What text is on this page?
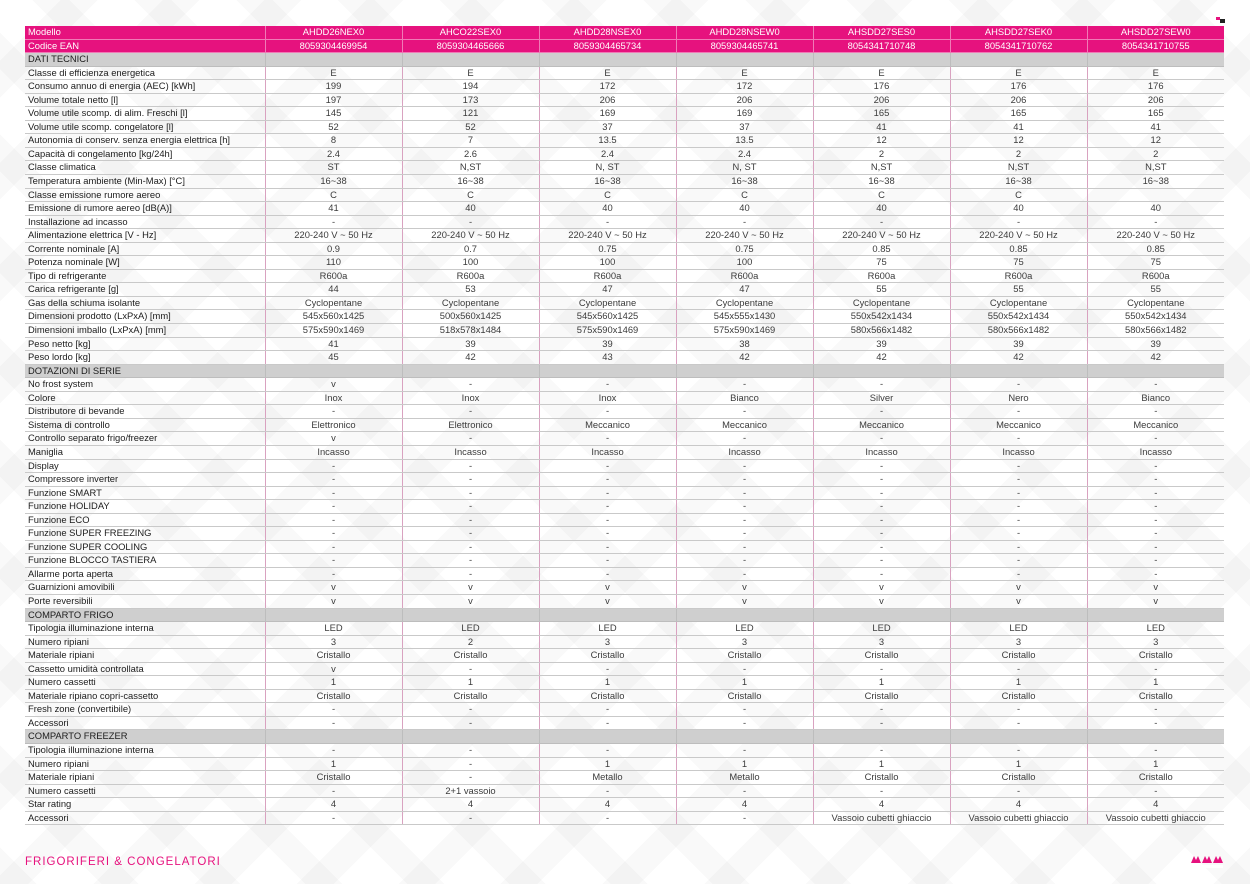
Modello	AHDD26NEX0	AHCO22SEX0	AHDD28NSEX0	AHDD28NSEW0	AHSDD27SES0	AHSDD27SEK0	AHSDD27SEW0
Codice EAN	8059304469954	8059304465666	8059304465734	8059304465741	8054341710748	8054341710762	8054341710755
DATI TECNICI							
Classe di efficienza energetica	E	E	E	E	E	E	E
Consumo annuo di energia (AEC) [kWh]	199	194	172	172	176	176	176
Volume totale netto [l]	197	173	206	206	206	206	206
Volume utile scomp. di alim. Freschi [l]	145	121	169	169	165	165	165
Volume utile scomp. congelatore [l]	52	52	37	37	41	41	41
Autonomia di conserv. senza energia elettrica [h]	8	7	13.5	13.5	12	12	12
Capacità di congelamento [kg/24h]	2.4	2.6	2.4	2.4	2	2	2
Classe climatica	ST	N,ST	N, ST	N, ST	N,ST	N,ST	N,ST
Temperatura ambiente (Min-Max) [°C]	16~38	16~38	16~38	16~38	16~38	16~38	16~38
Classe emissione rumore aereo	C	C	C	C	C	C	
Emissione di rumore aereo [dB(A)]	41	40	40	40	40	40	40
Installazione ad incasso	-	-	-	-	-	-	-
Alimentazione elettrica [V - Hz]	220-240 V ~ 50 Hz	220-240 V ~ 50 Hz	220-240 V ~ 50 Hz	220-240 V ~ 50 Hz	220-240 V ~ 50 Hz	220-240 V ~ 50 Hz	220-240 V ~ 50 Hz
Corrente nominale [A]	0.9	0.7	0.75	0.75	0.85	0.85	0.85
Potenza nominale [W]	110	100	100	100	75	75	75
Tipo di refrigerante	R600a	R600a	R600a	R600a	R600a	R600a	R600a
Carica refrigerante [g]	44	53	47	47	55	55	55
Gas della schiuma isolante	Cyclopentane	Cyclopentane	Cyclopentane	Cyclopentane	Cyclopentane	Cyclopentane	Cyclopentane
Dimensioni prodotto (LxPxA) [mm]	545x560x1425	500x560x1425	545x560x1425	545x555x1430	550x542x1434	550x542x1434	550x542x1434
Dimensioni imballo (LxPxA) [mm]	575x590x1469	518x578x1484	575x590x1469	575x590x1469	580x566x1482	580x566x1482	580x566x1482
Peso netto [kg]	41	39	39	38	39	39	39
Peso lordo [kg]	45	42	43	42	42	42	42
DOTAZIONI DI SERIE							
No frost system	v	-	-	-	-	-	-
Colore	Inox	Inox	Inox	Bianco	Silver	Nero	Bianco
Distributore di bevande	-	-	-	-	-	-	-
Sistema di controllo	Elettronico	Elettronico	Meccanico	Meccanico	Meccanico	Meccanico	Meccanico
Controllo separato frigo/freezer	v	-	-	-	-	-	-
Maniglia	Incasso	Incasso	Incasso	Incasso	Incasso	Incasso	Incasso
Display	-	-	-	-	-	-	-
Compressore inverter	-	-	-	-	-	-	-
Funzione SMART	-	-	-	-	-	-	-
Funzione HOLIDAY	-	-	-	-	-	-	-
Funzione ECO	-	-	-	-	-	-	-
Funzione SUPER FREEZING	-	-	-	-	-	-	-
Funzione SUPER COOLING	-	-	-	-	-	-	-
Funzione BLOCCO TASTIERA	-	-	-	-	-	-	-
Allarme porta aperta	-	-	-	-	-	-	-
Guarnizioni amovibili	v	v	v	v	v	v	v
Porte reversibili	v	v	v	v	v	v	v
COMPARTO FRIGO							
Tipologia illuminazione interna	LED	LED	LED	LED	LED	LED	LED
Numero ripiani	3	2	3	3	3	3	3
Materiale ripiani	Cristallo	Cristallo	Cristallo	Cristallo	Cristallo	Cristallo	Cristallo
Cassetto umidità controllata	v	-	-	-	-	-	-
Numero cassetti	1	1	1	1	1	1	1
Materiale ripiano copri-cassetto	Cristallo	Cristallo	Cristallo	Cristallo	Cristallo	Cristallo	Cristallo
Fresh zone (convertibile)	-	-	-	-	-	-	-
Accessori	-	-	-	-	-	-	-
COMPARTO FREEZER							
Tipologia illuminazione interna	-	-	-	-	-	-	-
Numero ripiani	1	-	1	1	1	1	1
Materiale ripiani	Cristallo	-	Metallo	Metallo	Cristallo	Cristallo	Cristallo
Numero cassetti	-	2+1 vassoio	-	-	-	-	-
Star rating	4	4	4	4	4	4	4
Accessori	-	-	-	-	Vassoio cubetti ghiaccio	Vassoio cubetti ghiaccio	Vassoio cubetti ghiaccio
FRIGORIFERI & CONGELATORI
